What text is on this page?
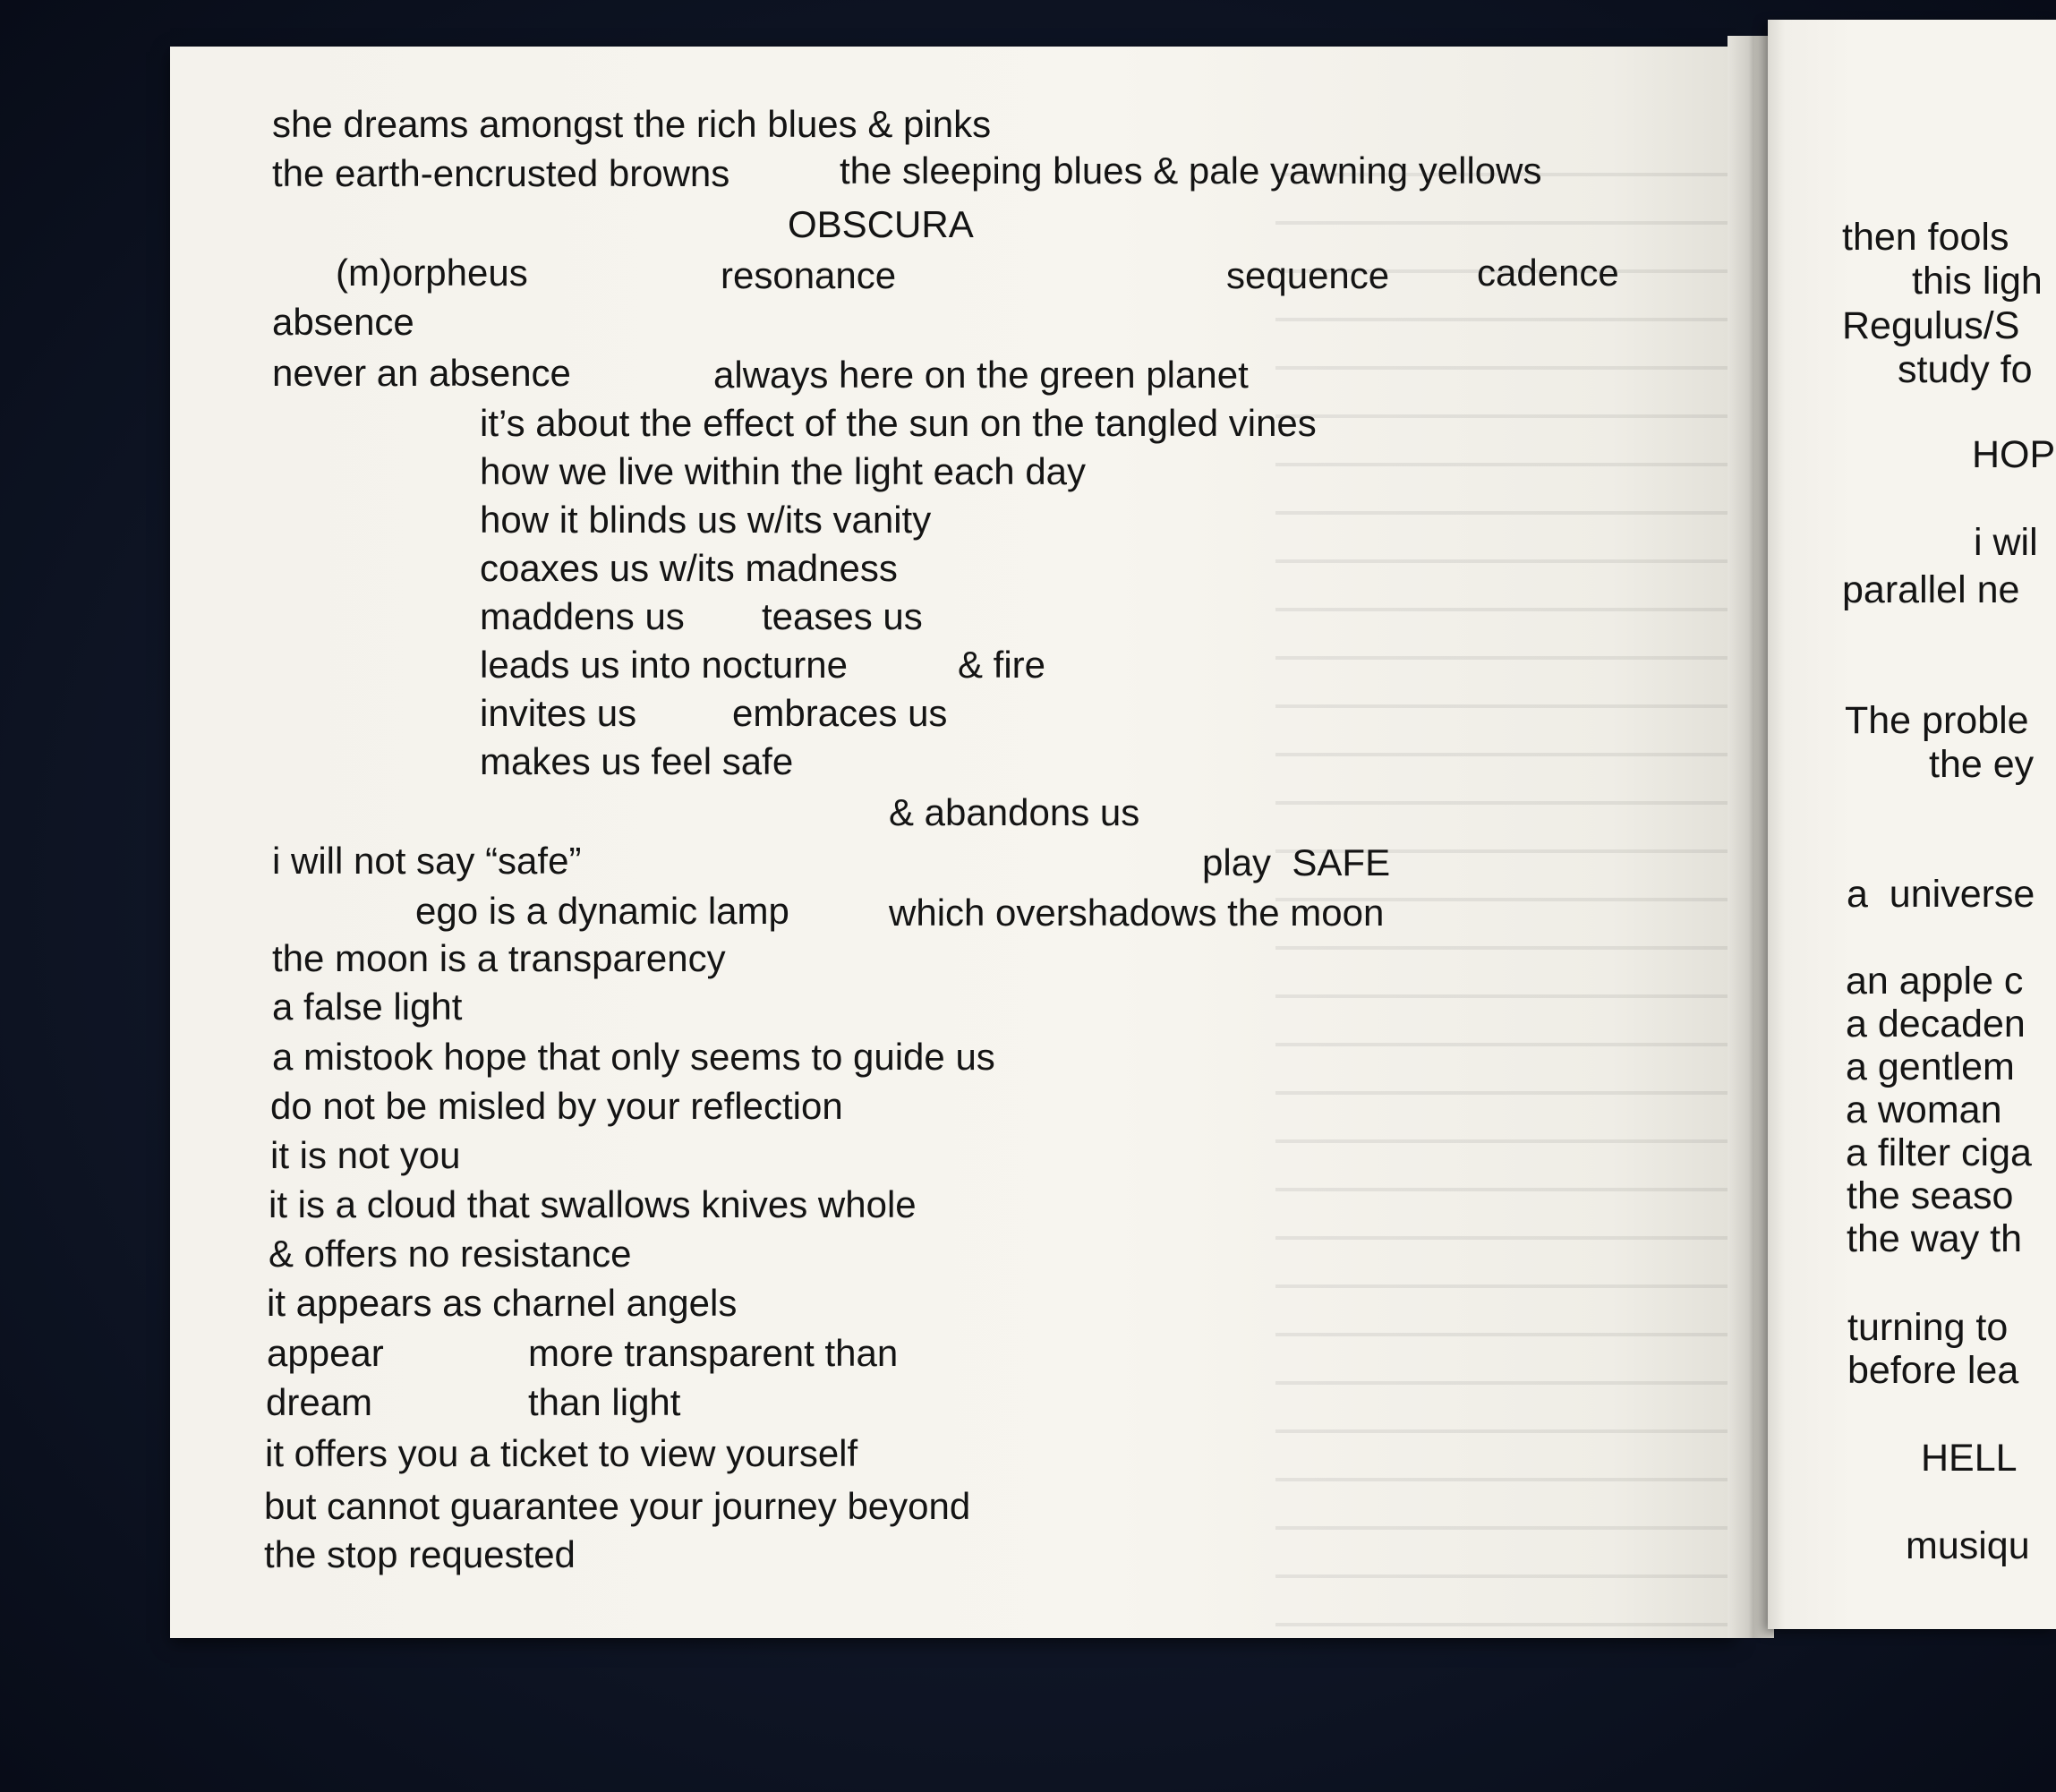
she dreams amongst the rich blues & pinks
the earth-encrusted browns	the sleeping blues & pale yawning yellows
OBSCURA
(m)orpheus	resonance	sequence cadence
absence
never an absence	always here on the green planet
it’s about the effect of the sun on the tangled vines
how we live within the light each day
how it blinds us w/its vanity
coaxes us w/its madness
maddens us teases us
leads us into nocturne	& fire
invites us	embraces us
makes us feel safe
& abandons us
i will not say “safe”	play  SAFE
ego is a dynamic lamp	which overshadows the moon
the moon is a transparency
a false light
a mistook hope that only seems to guide us
do not be misled by your reflection
it is not you
it is a cloud that swallows knives whole
& offers no resistance
it appears as charnel angels
appear	more transparent than
dream	than light
it offers you a ticket to view yourself
but cannot guarantee your journey beyond
the stop requested
then fools
this ligh
Regulus/S
study fo
HOP
i wil
parallel ne
The proble
the ey
a  universe
an apple c
a decaden
a gentlem
a woman
a filter ciga
the seaso
the way th
turning to
before lea
HELL
musiqu
